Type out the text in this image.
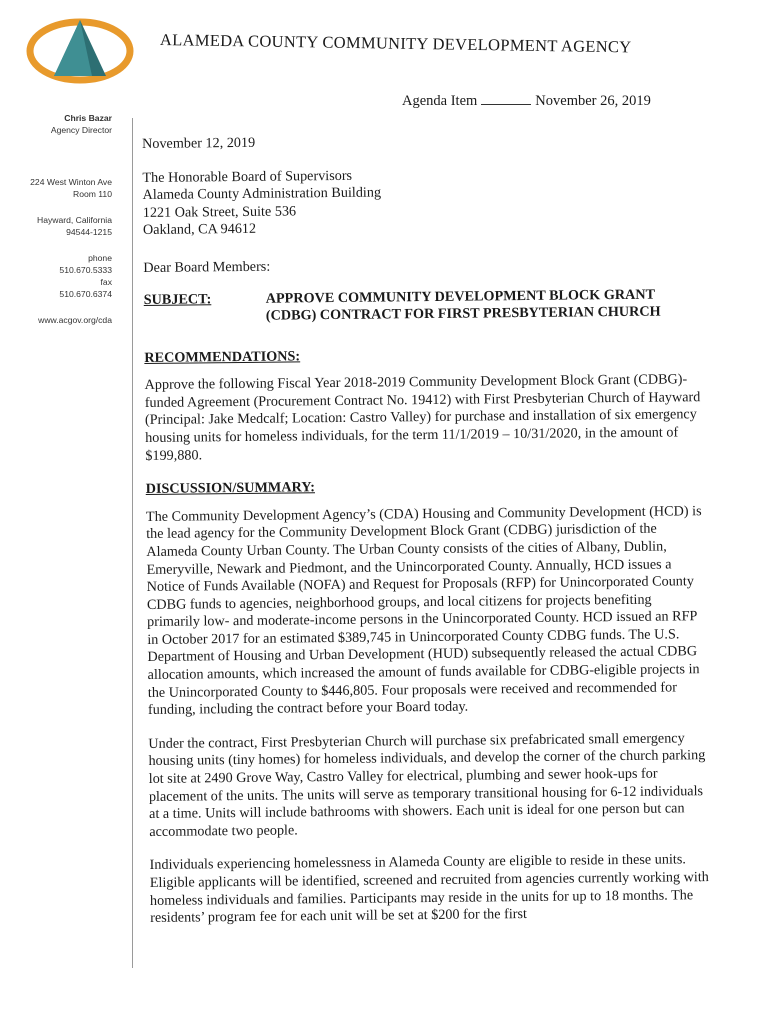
ALAMEDA COUNTY COMMUNITY DEVELOPMENT AGENCY
Agenda Item	November 26, 2019
Chris Bazar
Agency Director
224 West Winton Ave
Room 110
Hayward, California
94544-1215
phone
510.670.5333
fax
510.670.6374
www.acgov.org/cda

November 12, 2019

The Honorable Board of Supervisors

Alameda County Administration Building

1221 Oak Street, Suite 536

Oakland, CA 94612

Dear Board Members:

SUBJECT:	APPROVE COMMUNITY DEVELOPMENT BLOCK GRANT
(CDBG) CONTRACT FOR FIRST PRESBYTERIAN CHURCH

RECOMMENDATIONS:

Approve the following Fiscal Year 2018-2019 Community Development Block Grant (CDBG)-funded Agreement (Procurement Contract No. 19412) with First Presbyterian Church of Hayward (Principal: Jake Medcalf; Location: Castro Valley) for purchase and installation of six emergency housing units for homeless individuals, for the term 11/1/2019 – 10/31/2020, in the amount of $199,880.

DISCUSSION/SUMMARY:

The Community Development Agency’s (CDA) Housing and Community Development (HCD) is the lead agency for the Community Development Block Grant (CDBG) jurisdiction of the Alameda County Urban County. The Urban County consists of the cities of Albany, Dublin, Emeryville, Newark and Piedmont, and the Unincorporated County. Annually, HCD issues a Notice of Funds Available (NOFA) and Request for Proposals (RFP) for Unincorporated County CDBG funds to agencies, neighborhood groups, and local citizens for projects benefiting primarily low- and moderate-income persons in the Unincorporated County. HCD issued an RFP in October 2017 for an estimated $389,745 in Unincorporated County CDBG funds. The U.S. Department of Housing and Urban Development (HUD) subsequently released the actual CDBG allocation amounts, which increased the amount of funds available for CDBG-eligible projects in the Unincorporated County to $446,805. Four proposals were received and recommended for funding, including the contract before your Board today.

Under the contract, First Presbyterian Church will purchase six prefabricated small emergency housing units (tiny homes) for homeless individuals, and develop the corner of the church parking lot site at 2490 Grove Way, Castro Valley for electrical, plumbing and sewer hook-ups for placement of the units. The units will serve as temporary transitional housing for 6-12 individuals at a time. Units will include bathrooms with showers. Each unit is ideal for one person but can accommodate two people.

Individuals experiencing homelessness in Alameda County are eligible to reside in these units. Eligible applicants will be identified, screened and recruited from agencies currently working with homeless individuals and families. Participants may reside in the units for up to 18 months. The residents’ program fee for each unit will be set at $200 for the first
